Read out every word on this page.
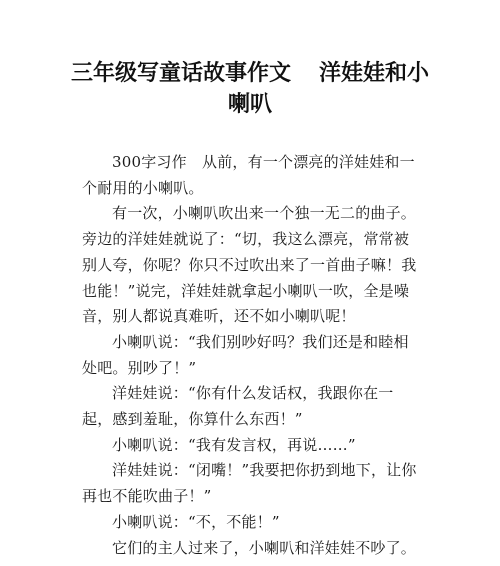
三年级写童话故事作文 洋娃娃和小喇叭

300字习作　从前，有一个漂亮的洋娃娃和一个耐用的小喇叭。

有一次，小喇叭吹出来一个独一无二的曲子。旁边的洋娃娃就说了：“切，我这么漂亮，常常被别人夸，你呢？你只不过吹出来了一首曲子嘛！我也能！”说完，洋娃娃就拿起小喇叭一吹，全是噪音，别人都说真难听，还不如小喇叭呢！

小喇叭说：“我们别吵好吗？我们还是和睦相处吧。别吵了！”

洋娃娃说：“你有什么发话权，我跟你在一起，感到羞耻，你算什么东西！”

小喇叭说：“我有发言权，再说……”

洋娃娃说：“闭嘴！”我要把你扔到地下，让你再也不能吹曲子！”

小喇叭说：“不，不能！”

它们的主人过来了，小喇叭和洋娃娃不吵了。
